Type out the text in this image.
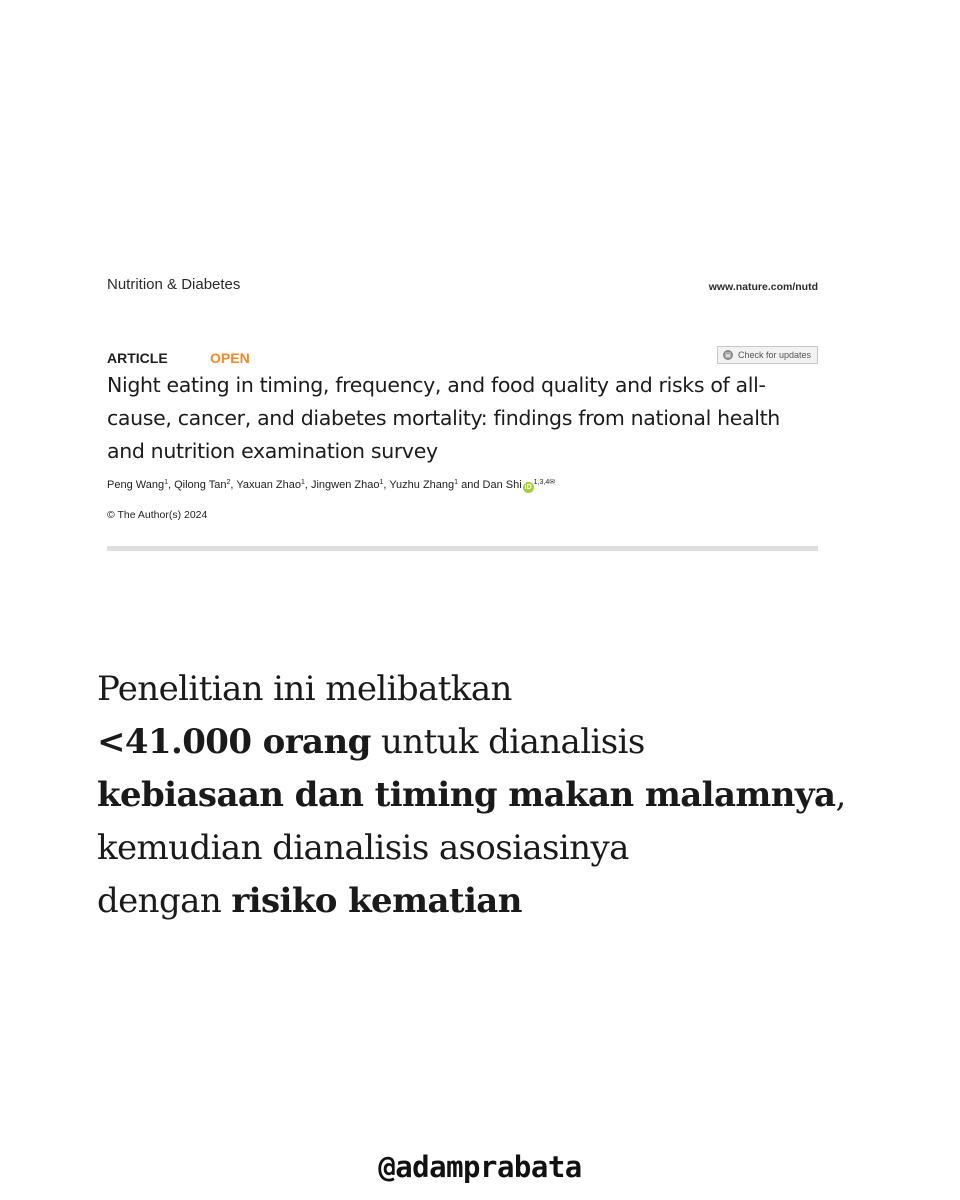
Nutrition & Diabetes	www.nature.com/nutd
ARTICLE	OPEN	Check for updates
Night eating in timing, frequency, and food quality and risks of all-cause, cancer, and diabetes mortality: findings from national health and nutrition examination survey
Peng Wang$^1$, Qilong Tan$^2$, Yaxuan Zhao$^1$, Jingwen Zhao$^1$, Yuzhu Zhang$^1$ and Dan Shi $iD^{1,3,4✉}$
© The Author(s) 2024
Penelitian ini melibatkan
<41.000 orang untuk dianalisis
kebiasaan dan timing makan malamnya,
kemudian dianalisis asosiasinya
dengan risiko kematian
@adamprabata
